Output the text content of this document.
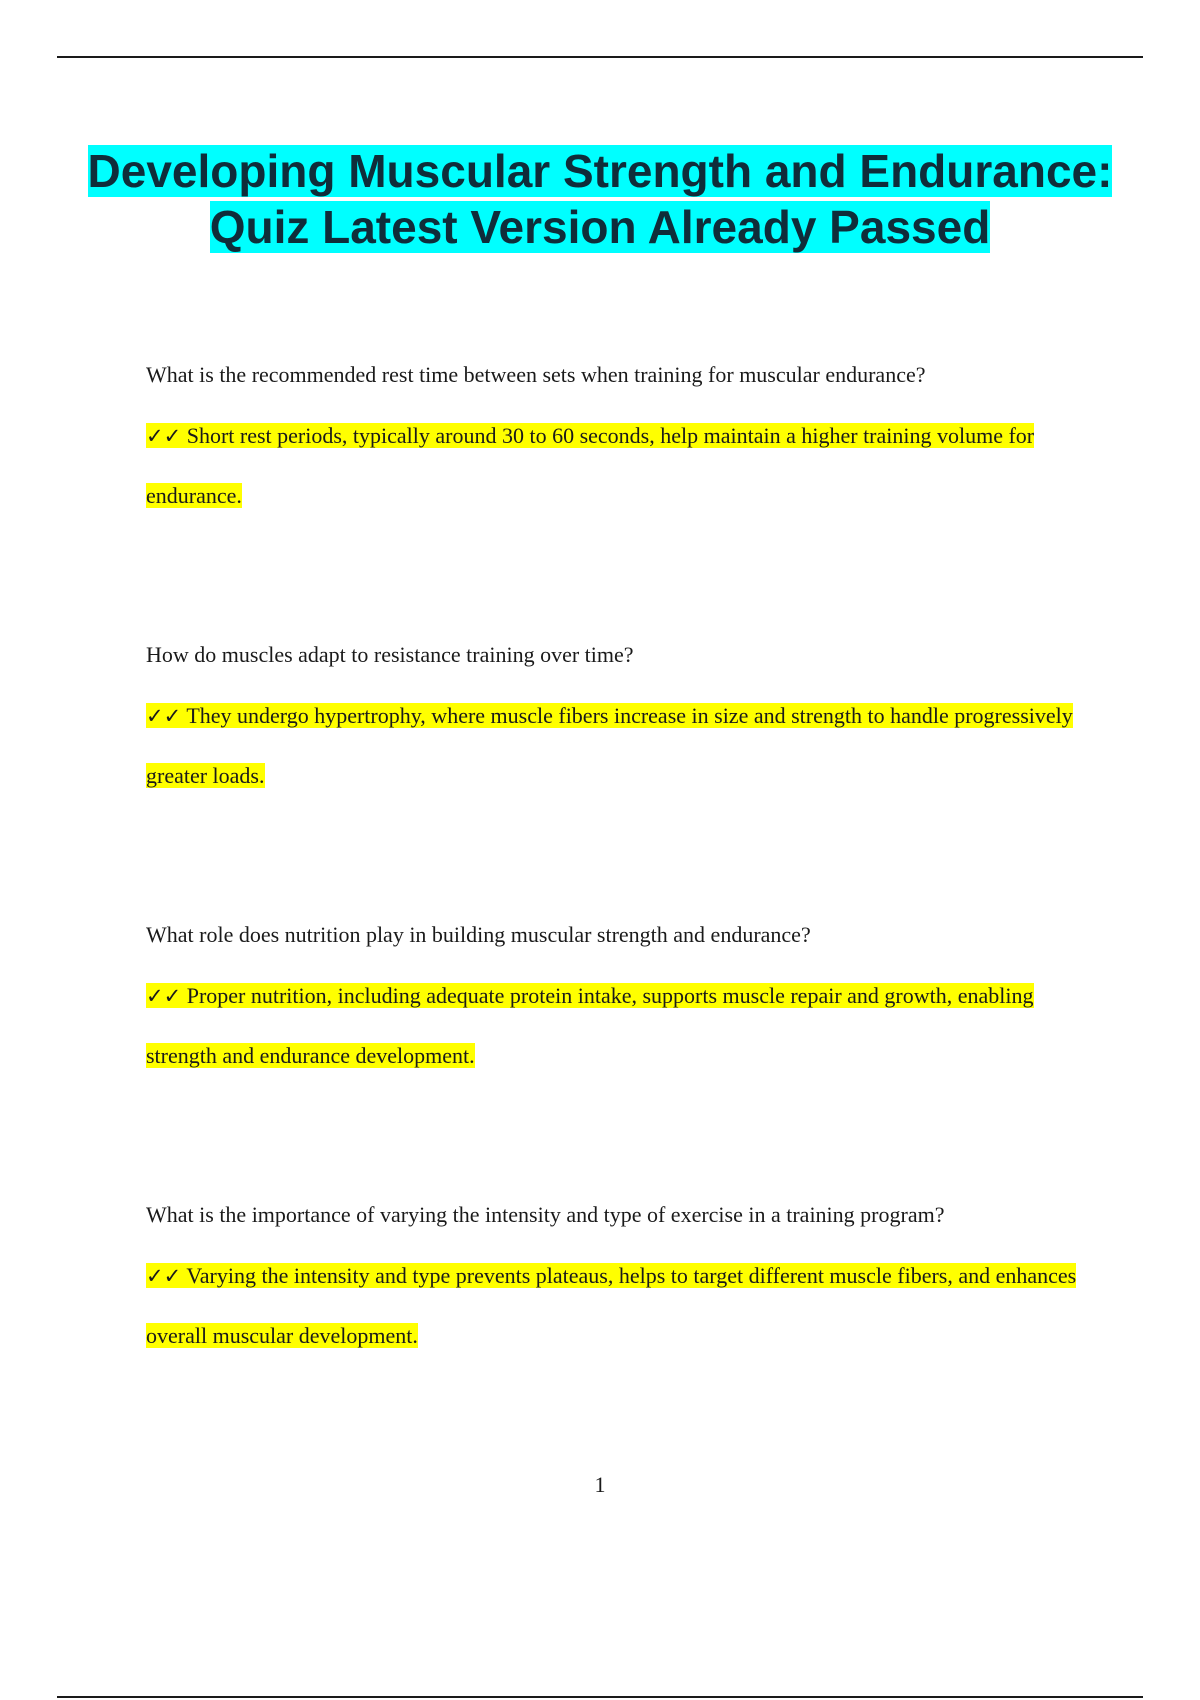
Developing Muscular Strength and Endurance: Quiz Latest Version Already Passed

What is the recommended rest time between sets when training for muscular endurance?

✓✓ Short rest periods, typically around 30 to 60 seconds, help maintain a higher training volume for endurance.

How do muscles adapt to resistance training over time?

✓✓ They undergo hypertrophy, where muscle fibers increase in size and strength to handle progressively greater loads.

What role does nutrition play in building muscular strength and endurance?

✓✓ Proper nutrition, including adequate protein intake, supports muscle repair and growth, enabling strength and endurance development.

What is the importance of varying the intensity and type of exercise in a training program?

✓✓ Varying the intensity and type prevents plateaus, helps to target different muscle fibers, and enhances overall muscular development.

1
